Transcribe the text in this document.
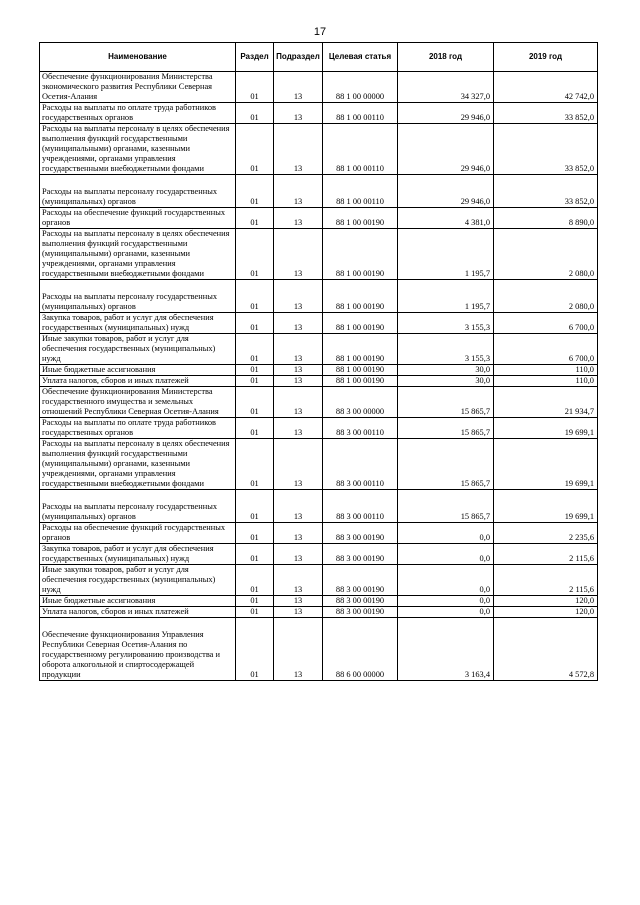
17
Наименование	Раздел	Подраздел	Целевая статья	2018 год	2019 год
Обеспечение функционирования Министерства экономического развития Республики Северная Осетия-Алания	01	13	88 1 00 00000	34 327,0	42 742,0
Расходы на выплаты по оплате труда работников государственных органов	01	13	88 1 00 00110	29 946,0	33 852,0
Расходы на выплаты персоналу в целях обеспечения выполнения функций государственными (муниципальными) органами, казенными учреждениями, органами управления государственными внебюджетными фондами	01	13	88 1 00 00110	29 946,0	33 852,0
Расходы на выплаты персоналу государственных (муниципальных) органов	01	13	88 1 00 00110	29 946,0	33 852,0
Расходы на обеспечение функций государственных органов	01	13	88 1 00 00190	4 381,0	8 890,0
Расходы на выплаты персоналу в целях обеспечения выполнения функций государственными (муниципальными) органами, казенными учреждениями, органами управления государственными внебюджетными фондами	01	13	88 1 00 00190	1 195,7	2 080,0
Расходы на выплаты персоналу государственных (муниципальных) органов	01	13	88 1 00 00190	1 195,7	2 080,0
Закупка товаров, работ и услуг для обеспечения государственных (муниципальных) нужд	01	13	88 1 00 00190	3 155,3	6 700,0
Иные закупки товаров, работ и услуг для обеспечения государственных (муниципальных) нужд	01	13	88 1 00 00190	3 155,3	6 700,0
Иные бюджетные ассигнования	01	13	88 1 00 00190	30,0	110,0
Уплата налогов, сборов и иных платежей	01	13	88 1 00 00190	30,0	110,0
Обеспечение функционирования Министерства государственного имущества и земельных отношений Республики Северная Осетия-Алания	01	13	88 3 00 00000	15 865,7	21 934,7
Расходы на выплаты по оплате труда работников государственных органов	01	13	88 3 00 00110	15 865,7	19 699,1
Расходы на выплаты персоналу в целях обеспечения выполнения функций государственными (муниципальными) органами, казенными учреждениями, органами управления государственными внебюджетными фондами	01	13	88 3 00 00110	15 865,7	19 699,1
Расходы на выплаты персоналу государственных (муниципальных) органов	01	13	88 3 00 00110	15 865,7	19 699,1
Расходы на обеспечение функций государственных органов	01	13	88 3 00 00190	0,0	2 235,6
Закупка товаров, работ и услуг для обеспечения государственных (муниципальных) нужд	01	13	88 3 00 00190	0,0	2 115,6
Иные закупки товаров, работ и услуг для обеспечения государственных (муниципальных) нужд	01	13	88 3 00 00190	0,0	2 115,6
Иные бюджетные ассигнования	01	13	88 3 00 00190	0,0	120,0
Уплата налогов, сборов и иных платежей	01	13	88 3 00 00190	0,0	120,0
Обеспечение функционирования Управления Республики Северная Осетия-Алания по государственному регулированию производства и оборота алкогольной и спиртосодержащей продукции	01	13	88 6 00 00000	3 163,4	4 572,8
